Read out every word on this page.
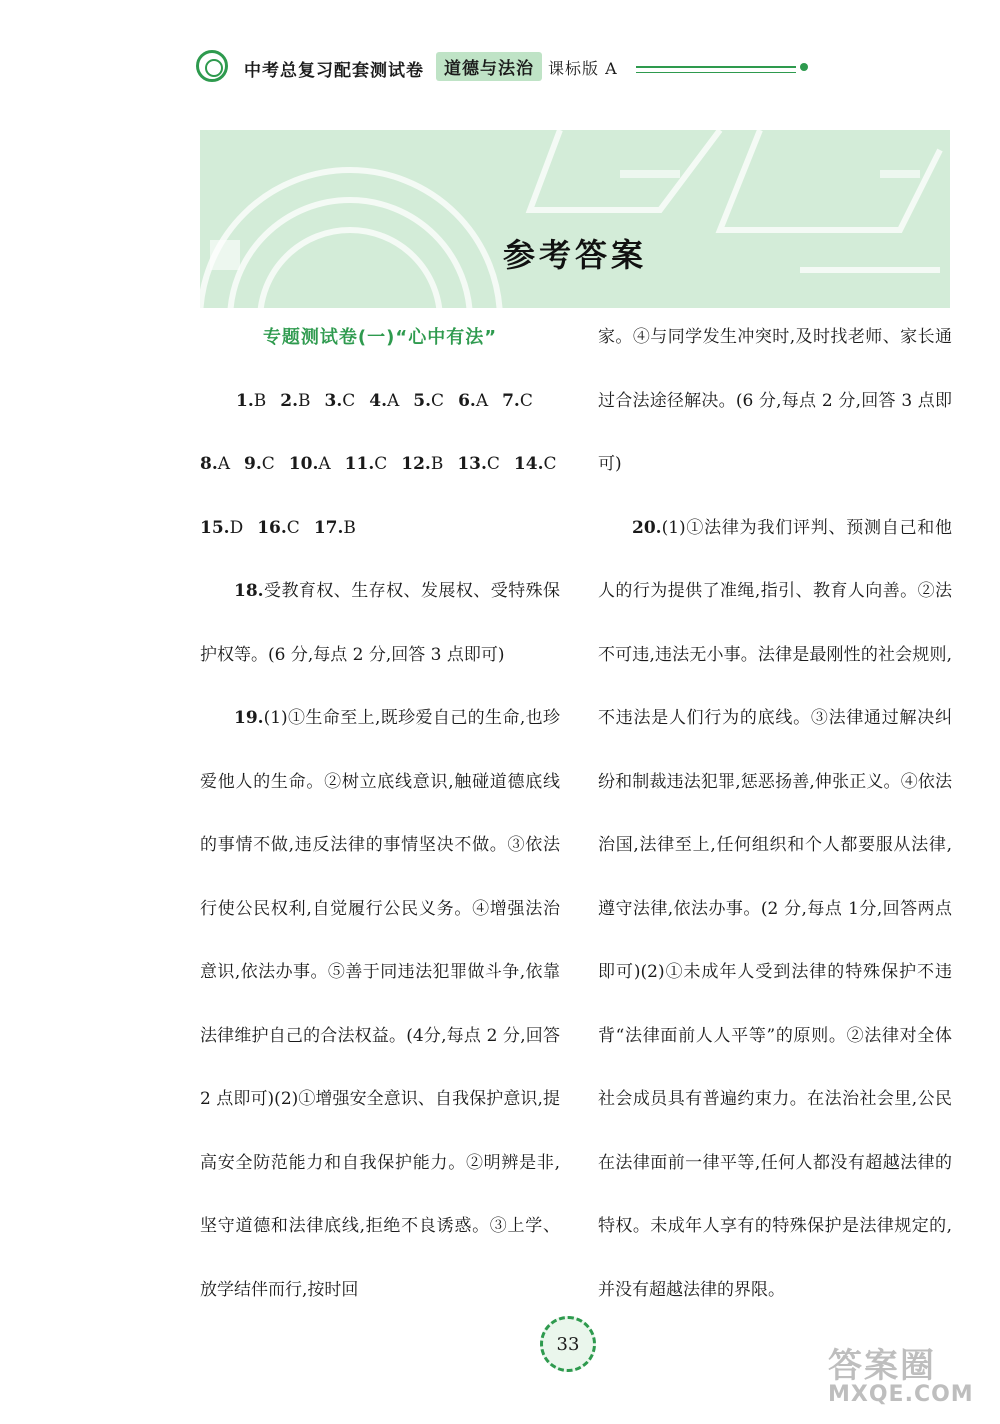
中考总复习配套测试卷	道德与法治 课标版 A
参考答案
专题测试卷(一)“心中有法”
1.B 2.B 3.C 4.A 5.C 6.A 7.C
8.A 9.C 10.A 11.C 12.B 13.C 14.C
15.D 16.C 17.B
18.受教育权、生存权、发展权、受特殊保护权等。(6 分,每点 2 分,回答 3 点即可)
19.(1)①生命至上,既珍爱自己的生命,也珍爱他人的生命。②树立底线意识,触碰道德底线的事情不做,违反法律的事情坚决不做。③依法行使公民权利,自觉履行公民义务。④增强法治意识,依法办事。⑤善于同违法犯罪做斗争,依靠法律维护自己的合法权益。(4分,每点 2 分,回答 2 点即可)(2)①增强安全意识、自我保护意识,提高安全防范能力和自我保护能力。②明辨是非,坚守道德和法律底线,拒绝不良诱惑。③上学、放学结伴而行,按时回
家。④与同学发生冲突时,及时找老师、家长通过合法途径解决。(6 分,每点 2 分,回答 3 点即可)
20.(1)①法律为我们评判、预测自己和他人的行为提供了准绳,指引、教育人向善。②法不可违,违法无小事。法律是最刚性的社会规则,不违法是人们行为的底线。③法律通过解决纠纷和制裁违法犯罪,惩恶扬善,伸张正义。④依法治国,法律至上,任何组织和个人都要服从法律,遵守法律,依法办事。(2 分,每点 1分,回答两点即可)(2)①未成年人受到法律的特殊保护不违背“法律面前人人平等”的原则。②法律对全体社会成员具有普遍约束力。在法治社会里,公民在法律面前一律平等,任何人都没有超越法律的特权。未成年人享有的特殊保护是法律规定的,并没有超越法律的界限。
33
答案圈
MXQE.COM
